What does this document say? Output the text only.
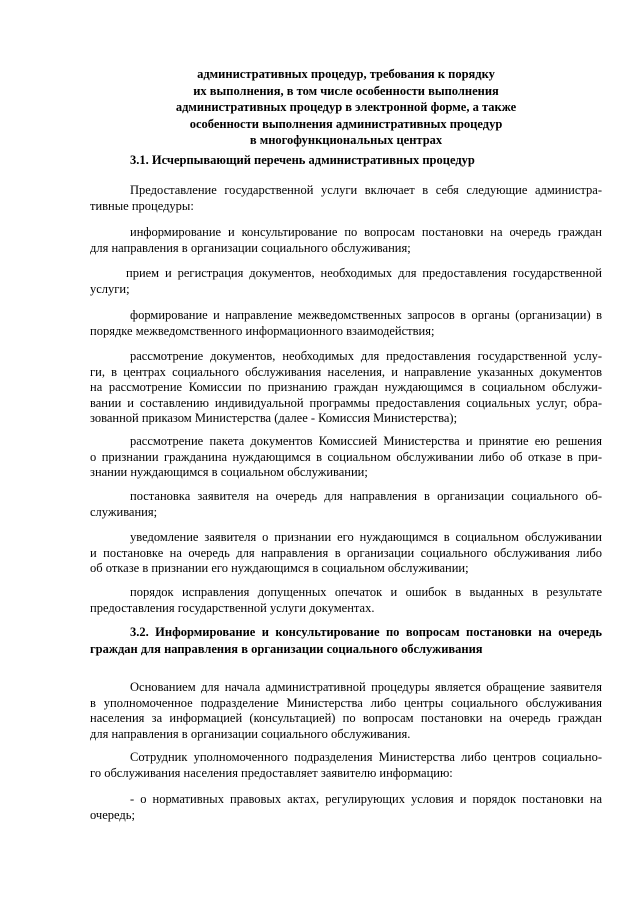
административных процедур, требования к порядку
их выполнения, в том числе особенности выполнения
административных процедур в электронной форме, а также
особенности выполнения административных процедур
в многофункциональных центрах
3.1. Исчерпывающий перечень административных процедур
Предоставление государственной услуги включает в себя следующие администра-
тивные процедуры:
информирование и консультирование по вопросам постановки на очередь граждан
для направления в организации социального обслуживания;
прием и регистрация документов, необходимых для предоставления государственной
услуги;
формирование и направление межведомственных запросов в органы (организации) в
порядке межведомственного информационного взаимодействия;
рассмотрение документов, необходимых для предоставления государственной услу-
ги, в центрах социального обслуживания населения, и направление указанных документов
на рассмотрение Комиссии по признанию граждан нуждающимся в социальном обслужи-
вании и составлению индивидуальной программы предоставления социальных услуг, обра-
зованной приказом Министерства (далее - Комиссия Министерства);
рассмотрение пакета документов Комиссией Министерства и принятие ею решения
о признании гражданина нуждающимся в социальном обслуживании либо об отказе в при-
знании нуждающимся в социальном обслуживании;
постановка заявителя на очередь для направления в организации социального об-
служивания;
уведомление заявителя о признании его нуждающимся в социальном обслуживании
и постановке на очередь для направления в организации социального обслуживания либо
об отказе в признании его нуждающимся в социальном обслуживании;
порядок исправления допущенных опечаток и ошибок в выданных в результате
предоставления государственной услуги документах.
3.2. Информирование и консультирование по вопросам постановки на очередь
граждан для направления в организации социального обслуживания
Основанием для начала административной процедуры является обращение заявителя
в уполномоченное подразделение Министерства либо центры социального обслуживания
населения за информацией (консультацией) по вопросам постановки на очередь граждан
для направления в организации социального обслуживания.
Сотрудник уполномоченного подразделения Министерства либо центров социально-
го обслуживания населения предоставляет заявителю информацию:
- о нормативных правовых актах, регулирующих условия и порядок постановки на
очередь;
